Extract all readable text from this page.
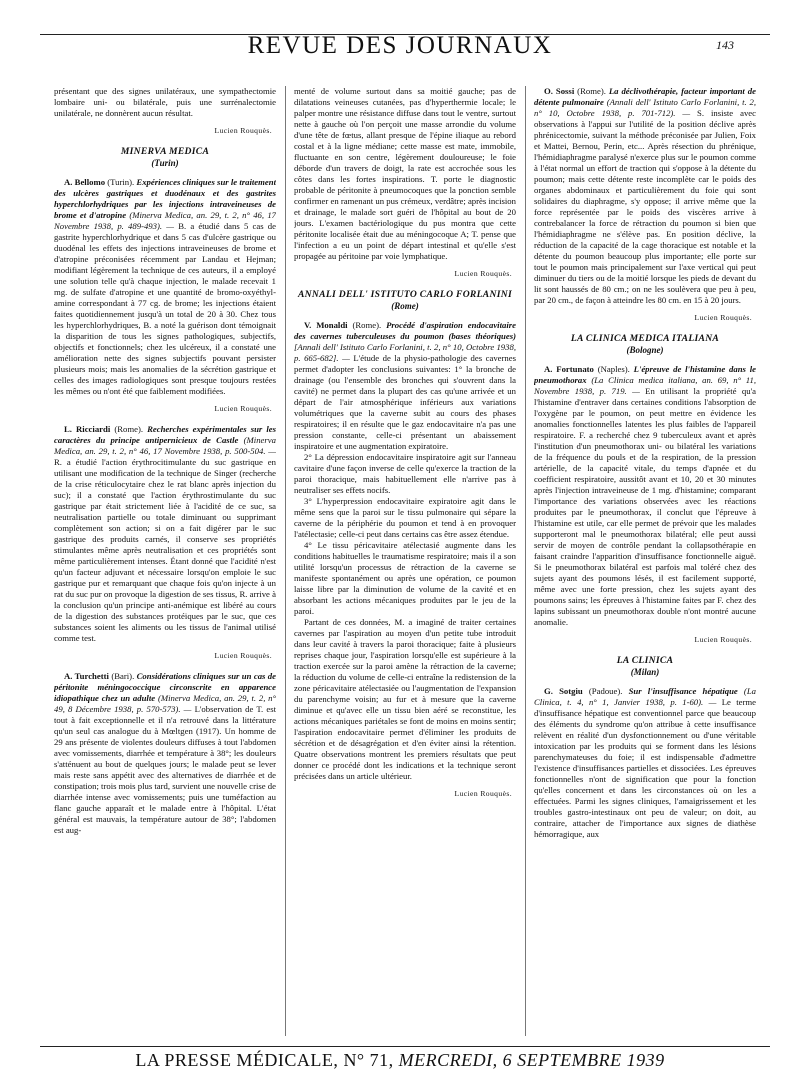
REVUE DES JOURNAUX	143

présentant que des signes unilatéraux, une sympathectomie lombaire uni- ou bilatérale, puis une surrénalectomie unilatérale, ne donnèrent aucun résultat.

Lucien Rouquès.
MINERVA MEDICA
(Turin)

A. Bellomo (Turin). Expériences cliniques sur le traitement des ulcères gastriques et duodénaux et des gastrites hyperchlorhydriques par les injections intraveineuses de brome et d'atropine (Minerva Medica, an. 29, t. 2, n° 46, 17 Novembre 1938, p. 489-493). — B. a étudié dans 5 cas de gastrite hyperchlorhydrique et dans 5 cas d'ulcère gastrique ou duodénal les effets des injections intraveineuses de brome et d'atropine préconisées récemment par Landau et Hejman; modifiant légèrement la technique de ces auteurs, il a employé une solution telle qu'à chaque injection, le malade recevait 1 mg. de sulfate d'atropine et une quantité de bromo-oxyéthyl-amine correspondant à 77 cg. de brome; les injections étaient faites quotidiennement jusqu'à un total de 20 à 30. Chez tous les hyperchlorhydriques, B. a noté la guérison dont témoignait la disparition de tous les signes pathologiques, subjectifs, objectifs et fonctionnels; chez les ulcéreux, il a constaté une amélioration nette des signes subjectifs pouvant persister plusieurs mois; mais les anomalies de la sécrétion gastrique et celles des images radiologiques sont presque toujours restées les mêmes ou n'ont été que faiblement modifiées.

Lucien Rouquès.

L. Ricciardi (Rome). Recherches expérimentales sur les caractères du principe antipernicieux de Castle (Minerva Medica, an. 29, t. 2, n° 46, 17 Novembre 1938, p. 500-504. — R. a étudié l'action érythrocitimulante du suc gastrique en utilisant une modification de la technique de Singer (recherche de la crise réticulocytaire chez le rat blanc après injection du suc); il a constaté que l'action érythrostimulante du suc gastrique par était strictement liée à l'acidité de ce suc, sa neutralisation partielle ou totale diminuant ou supprimant complètement son action; si on a fait digérer par le suc gastrique des produits carnés, il conserve ses propriétés stimulantes même après neutralisation et ces propriétés sont même particulièrement intenses. Étant donné que l'acidité n'est qu'un facteur adjuvant et nécessaire lorsqu'on emploie le suc gastrique pur et remarquant que chaque fois qu'on injecte à un rat du suc pur on provoque la digestion de ses tissus, R. arrive à la conclusion qu'un principe anti-anémique est libéré au cours de la digestion des substances protéiques par le suc, que ces substances soient les aliments ou les tissus de l'animal utilisé comme test.

Lucien Rouquès.

A. Turchetti (Bari). Considérations cliniques sur un cas de péritonite méningococcique circonscrite en apparence idiopathique chez un adulte (Minerva Medica, an. 29, t. 2, n° 49, 8 Décembre 1938, p. 570-573). — L'observation de T. est tout à fait exceptionnelle et il n'a retrouvé dans la littérature qu'un seul cas analogue du à Mœltgen (1917). Un homme de 29 ans présente de violentes douleurs diffuses à tout l'abdomen avec vomissements, diarrhée et température à 38°; les douleurs s'atténuent au bout de quelques jours; le malade peut se lever mais reste sans appétit avec des alternatives de diarrhée et de constipation; trois mois plus tard, survient une nouvelle crise de diarrhée intense avec vomissements; puis une tuméfaction au flanc gauche apparaît et le malade entre à l'hôpital. L'état général est mauvais, la température autour de 38°; l'abdomen est aug-

menté de volume surtout dans sa moitié gauche; pas de dilatations veineuses cutanées, pas d'hyperthermie locale; le palper montre une résistance diffuse dans tout le ventre, surtout nette à gauche où l'on perçoit une masse arrondie du volume d'une tête de fœtus, allant presque de l'épine iliaque au rebord costal et à la ligne médiane; cette masse est mate, immobile, fluctuante en son centre, légèrement douloureuse; le foie déborde d'un travers de doigt, la rate est accrochée sous les côtes dans les fortes inspirations. T. porte le diagnostic probable de péritonite à pneumocoques que la ponction semble confirmer en ramenant un pus crémeux, verdâtre; après incision et drainage, le malade sort guéri de l'hôpital au bout de 20 jours. L'examen bactériologique du pus montra que cette péritonite localisée était due au méningocoque A; T. pense que l'infection a eu un point de départ intestinal et qu'elle s'est propagée au péritoine par voie lymphatique.

Lucien Rouquès.
ANNALI DELL' ISTITUTO CARLO FORLANINI
(Rome)

V. Monaldi (Rome). Procédé d'aspiration endocavitaire des cavernes tuberculeuses du poumon (bases théoriques) [Annali dell' Istituto Carlo Forlanini, t. 2, n° 10, Octobre 1938, p. 665-682]. — L'étude de la physio-pathologie des cavernes permet d'adopter les conclusions suivantes: 1° la bronche de drainage (ou l'ensemble des bronches qui s'ouvrent dans la cavité) ne permet dans la plupart des cas qu'une arrivée et un départ de l'air atmosphérique inférieurs aux variations volumétriques que la caverne subit au cours des phases respiratoires; il en résulte que le gaz endocavitaire n'a pas une pression constante, celle-ci présentant un abaissement inspiratoire et une augmentation expiratoire.

2° La dépression endocavitaire inspiratoire agit sur l'anneau cavitaire d'une façon inverse de celle qu'exerce la traction de la paroi thoracique, mais habituellement elle n'arrive pas à neutraliser ses effets nocifs.

3° L'hyperpression endocavitaire expiratoire agit dans le même sens que la paroi sur le tissu pulmonaire qui sépare la caverne de la périphérie du poumon et tend à en provoquer l'atélectasie; celle-ci peut dans certains cas être assez étendue.

4° Le tissu péricavitaire atélectasié augmente dans les conditions habituelles le traumatisme respiratoire; mais il a son utilité lorsqu'un processus de rétraction de la caverne se manifeste spontanément ou après une opération, ce poumon laisse libre par la diminution de volume de la cavité et en absorbant les actions mécaniques produites par le jeu de la paroi.

Partant de ces données, M. a imaginé de traiter certaines cavernes par l'aspiration au moyen d'un petite tube introduit dans leur cavité à travers la paroi thoracique; faite à plusieurs reprises chaque jour, l'aspiration lorsqu'elle est supérieure à la traction exercée sur la paroi amène la rétraction de la caverne; la réduction du volume de celle-ci entraîne la redistension de la zone péricavitaire atélectasiée ou l'augmentation de l'expansion du parenchyme voisin; au fur et à mesure que la caverne diminue et qu'avec elle un tissu bien aéré se reconstitue, les actions mécaniques pariétales se font de moins en moins sentir; l'aspiration endocavitaire permet d'éliminer les produits de sécrétion et de désagrégation et d'en éviter ainsi la rétention. Quatre observations montrent les premiers résultats que peut donner ce procédé dont les indications et la technique seront précisées dans un article ultérieur.

Lucien Rouquès.

O. Sossi (Rome). La déclivothérapie, facteur important de détente pulmonaire (Annali dell' Istituto Carlo Forlanini, t. 2, n° 10, Octobre 1938, p. 701-712). — S. insiste avec observations à l'appui sur l'utilité de la position déclive après phrénicectomie, suivant la méthode préconisée par Julien, Foix et Mattei, Bernou, Perin, etc... Après résection du phrénique, l'hémidiaphragme paralysé n'exerce plus sur le poumon comme à l'état normal un effort de traction qui s'oppose à la détente du poumon; mais cette détente reste incomplète car le poids des organes abdominaux et particulièrement du foie qui sont solidaires du diaphragme, s'y oppose; il arrive même que la force représentée par le poids des viscères arrive à contrebalancer la force de rétraction du poumon si bien que l'hémidiaphragme ne s'élève pas. En position déclive, la réduction de la capacité de la cage thoracique est notable et la détente du poumon beaucoup plus importante; elle porte sur tout le poumon mais principalement sur l'axe vertical qui peut diminuer du tiers ou de la moitié lorsque les pieds de devant du lit sont haussés de 80 cm.; on ne les soulèvera que peu à peu, par 20 cm., de façon à atteindre les 80 cm. en 15 à 20 jours.

Lucien Rouquès.
LA CLINICA MEDICA ITALIANA
(Bologne)

A. Fortunato (Naples). L'épreuve de l'histamine dans le pneumothorax (La Clinica medica italiana, an. 69, n° 11, Novembre 1938, p. 719. — En utilisant la propriété qu'a l'histamine d'entraver dans certaines conditions l'absorption de l'oxygène par le poumon, on peut mettre en évidence les anomalies fonctionnelles latentes les plus faibles de l'appareil respiratoire. F. a recherché chez 9 tuberculeux avant et après l'institution d'un pneumothorax uni- ou bilatéral les variations de la fréquence du pouls et de la respiration, de la pression artérielle, de la capacité vitale, du temps d'apnée et du coefficient respiratoire, aussitôt avant et 10, 20 et 30 minutes après l'injection intraveineuse de 1 mg. d'histamine; comparant l'importance des variations observées avec les réactions produites par le pneumothorax, il conclut que l'épreuve à l'histamine est utile, car elle permet de prévoir que les malades supporteront mal le pneumothorax bilatéral; elle peut aussi servir de moyen de contrôle pendant la collapsothérapie en faisant craindre l'apparition d'insuffisance fonctionnelle aiguë. Si le pneumothorax bilatéral est parfois mal toléré chez des sujets ayant des poumons lésés, il est facilement supporté, même avec une forte pression, chez les sujets ayant des poumons sains; les épreuves à l'histamine faites par F. chez des lapins subissant un pneumothorax double n'ont montré aucune anomalie.

Lucien Rouquès.
LA CLINICA
(Milan)

G. Sotgiu (Padoue). Sur l'insuffisance hépatique (La Clinica, t. 4, n° 1, Janvier 1938, p. 1-60). — Le terme d'insuffisance hépatique est conventionnel parce que beaucoup des éléments du syndrome qu'on attribue à cette insuffisance relèvent en réalité d'un dysfonctionnement ou d'une véritable intoxication par les produits qui se forment dans les lésions parenchymateuses du foie; il est indispensable d'admettre l'existence d'insuffisances partielles et dissociées. Les épreuves fonctionnelles n'ont de signification que pour la fonction qu'elles concernent et dans les circonstances où on les a effectuées. Parmi les signes cliniques, l'amaigrissement et les troubles gastro-intestinaux ont peu de valeur; on doit, au contraire, attacher de l'importance aux signes de diathèse hémorragique, aux

LA PRESSE MÉDICALE, N° 71, MERCREDI, 6 SEPTEMBRE 1939
